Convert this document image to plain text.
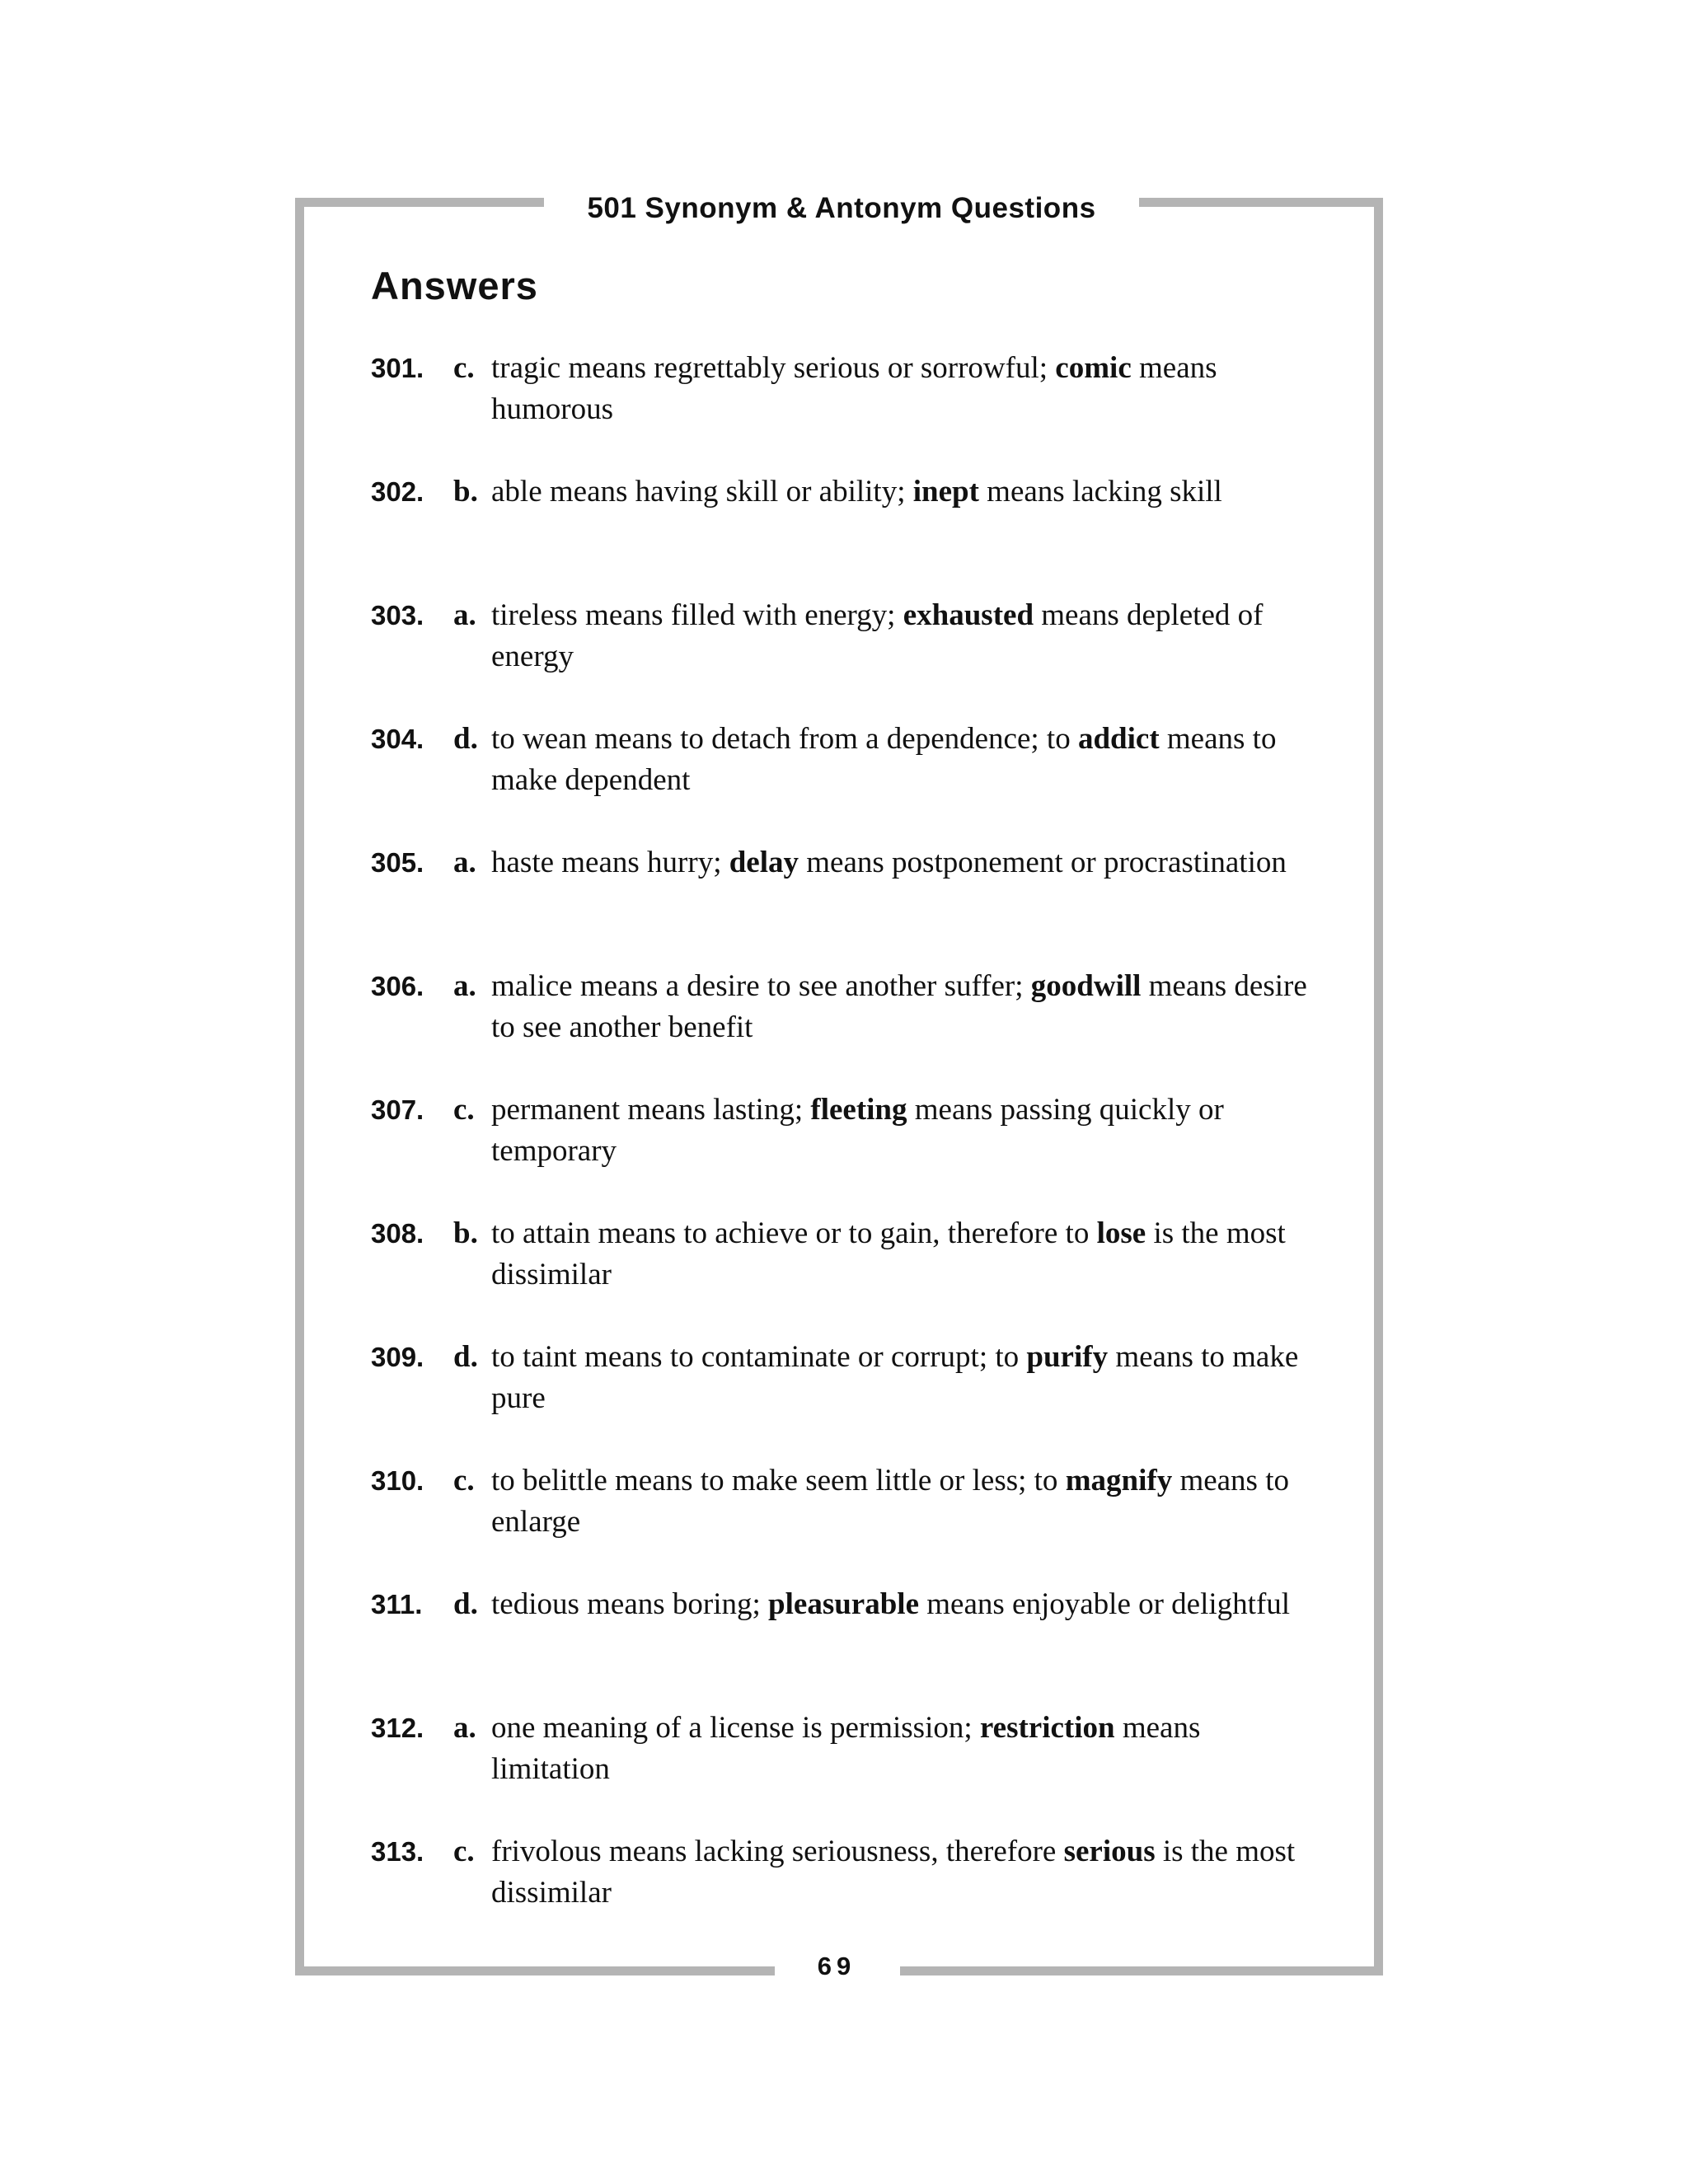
501 Synonym & Antonym Questions
Answers
301. c. tragic means regrettably serious or sorrowful; comic means humorous
302. b. able means having skill or ability; inept means lacking skill
303. a. tireless means filled with energy; exhausted means depleted of energy
304. d. to wean means to detach from a dependence; to addict means to make dependent
305. a. haste means hurry; delay means postponement or procrastination
306. a. malice means a desire to see another suffer; goodwill means desire to see another benefit
307. c. permanent means lasting; fleeting means passing quickly or temporary
308. b. to attain means to achieve or to gain, therefore to lose is the most dissimilar
309. d. to taint means to contaminate or corrupt; to purify means to make pure
310. c. to belittle means to make seem little or less; to magnify means to enlarge
311.	d. tedious means boring; pleasurable means enjoyable or delightful
312. a. one meaning of a license is permission; restriction means limitation
313. c. frivolous means lacking seriousness, therefore serious is the most dissimilar
69
